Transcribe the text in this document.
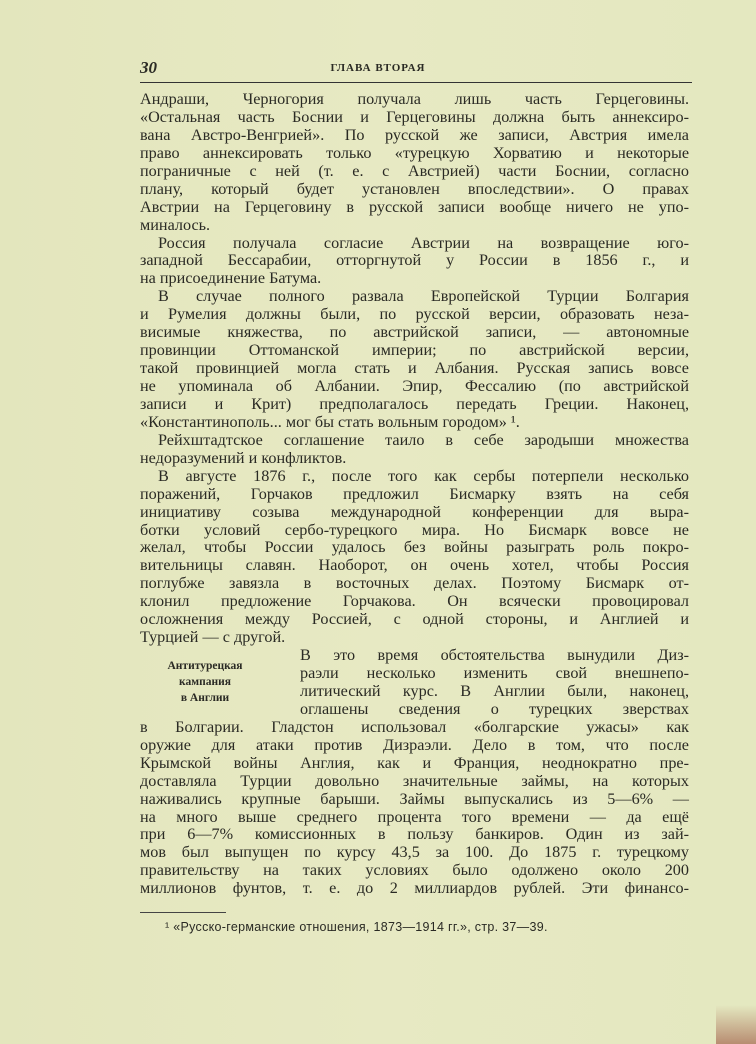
30	ГЛАВА ВТОРАЯ
Антитурецкая
кампания
в Англии
Андраши, Черногория получала лишь часть Герцеговины.
«Остальная часть Боснии и Герцеговины должна быть аннексиро-
вана Австро-Венгрией». По русской же записи, Австрия имела
право аннексировать только «турецкую Хорватию и некоторые
пограничные с ней (т. е. с Австрией) части Боснии, согласно
плану, который будет установлен впоследствии». О правах
Австрии на Герцеговину в русской записи вообще ничего не упо-
миналось.
Россия получала согласие Австрии на возвращение юго-
западной Бессарабии, отторгнутой у России в 1856 г., и
на присоединение Батума.
В случае полного развала Европейской Турции Болгария
и Румелия должны были, по русской версии, образовать неза-
висимые княжества, по австрийской записи, — автономные
провинции Оттоманской империи; по австрийской версии,
такой провинцией могла стать и Албания. Русская запись вовсе
не упоминала об Албании. Эпир, Фессалию (по австрийской
записи и Крит) предполагалось передать Греции. Наконец,
«Константинополь... мог бы стать вольным городом» ¹.
Рейхштадтское соглашение таило в себе зародыши множества
недоразумений и конфликтов.
В августе 1876 г., после того как сербы потерпели несколько
поражений, Горчаков предложил Бисмарку взять на себя
инициативу созыва международной конференции для выра-
ботки условий сербо-турецкого мира. Но Бисмарк вовсе не
желал, чтобы России удалось без войны разыграть роль покро-
вительницы славян. Наоборот, он очень хотел, чтобы Россия
поглубже завязла в восточных делах. Поэтому Бисмарк от-
клонил предложение Горчакова. Он всячески провоцировал
осложнения между Россией, с одной стороны, и Англией и
Турцией — с другой.
В это время обстоятельства вынудили Диз-
раэли несколько изменить свой внешнепо-
литический курс. В Англии были, наконец,
оглашены сведения о турецких зверствах
в Болгарии. Гладстон использовал «болгарские ужасы» как
оружие для атаки против Дизраэли. Дело в том, что после
Крымской войны Англия, как и Франция, неоднократно пре-
доставляла Турции довольно значительные займы, на которых
наживались крупные барыши. Займы выпускались из 5—6% —
на много выше среднего процента того времени — да ещё
при 6—7% комиссионных в пользу банкиров. Один из зай-
мов был выпущен по курсу 43,5 за 100. До 1875 г. турецкому
правительству на таких условиях было одолжено около 200
миллионов фунтов, т. е. до 2 миллиардов рублей. Эти финансо-
¹ «Русско-германские отношения, 1873—1914 гг.», стр. 37—39.
